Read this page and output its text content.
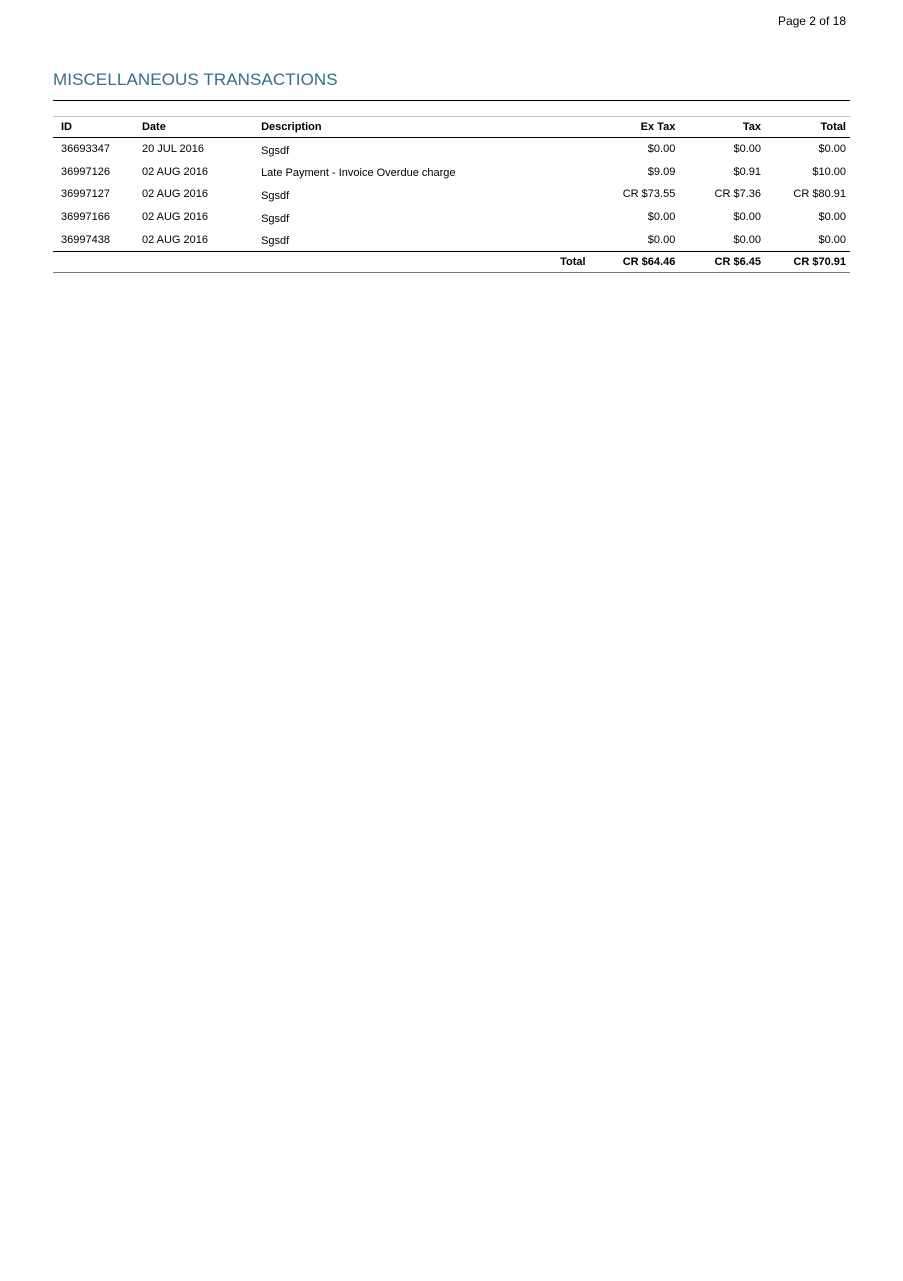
Page 2 of 18
MISCELLANEOUS TRANSACTIONS
ID	Date	Description	Ex Tax	Tax	Total
36693347	20 JUL 2016	Sgsdf	$0.00	$0.00	$0.00
36997126	02 AUG 2016	Late Payment - Invoice Overdue charge	$9.09	$0.91	$10.00
36997127	02 AUG 2016	Sgsdf	CR $73.55	CR $7.36	CR $80.91
36997166	02 AUG 2016	Sgsdf	$0.00	$0.00	$0.00
36997438	02 AUG 2016	Sgsdf	$0.00	$0.00	$0.00
		Total	CR $64.46	CR $6.45	CR $70.91
